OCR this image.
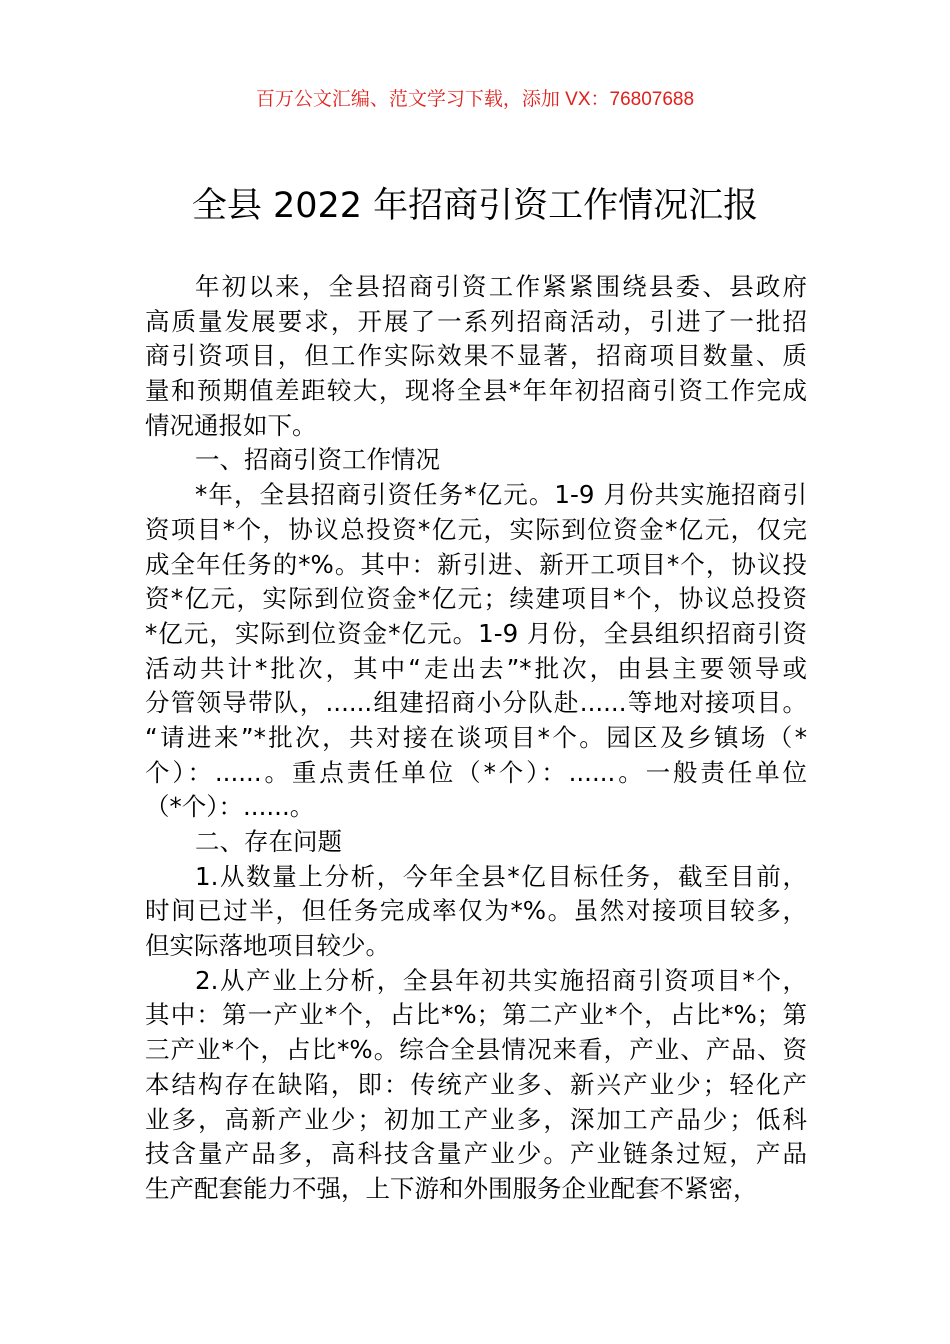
百万公文汇编、范文学习下载，添加 VX：76807688
全县 2022 年招商引资工作情况汇报
年初以来，全县招商引资工作紧紧围绕县委、县政府
高质量发展要求，开展了一系列招商活动，引进了一批招
商引资项目，但工作实际效果不显著，招商项目数量、质
量和预期值差距较大，现将全县*年年初招商引资工作完成
情况通报如下。
一、招商引资工作情况
*年，全县招商引资任务*亿元。1-9 月份共实施招商引
资项目*个，协议总投资*亿元，实际到位资金*亿元，仅完
成全年任务的*%。其中：新引进、新开工项目*个，协议投
资*亿元，实际到位资金*亿元；续建项目*个，协议总投资
*亿元，实际到位资金*亿元。1-9 月份，全县组织招商引资
活动共计*批次，其中“走出去”*批次，由县主要领导或
分管领导带队，......组建招商小分队赴......等地对接项目。
“请进来”*批次，共对接在谈项目*个。园区及乡镇场（*
个）：......。重点责任单位（*个）：......。一般责任单位
（*个）：......。
二、存在问题
1.从数量上分析，今年全县*亿目标任务，截至目前，
时间已过半，但任务完成率仅为*%。虽然对接项目较多，
但实际落地项目较少。
2.从产业上分析，全县年初共实施招商引资项目*个，
其中：第一产业*个，占比*%；第二产业*个，占比*%；第
三产业*个，占比*%。综合全县情况来看，产业、产品、资
本结构存在缺陷，即：传统产业多、新兴产业少；轻化产
业多，高新产业少；初加工产业多，深加工产品少；低科
技含量产品多，高科技含量产业少。产业链条过短，产品
生产配套能力不强，上下游和外围服务企业配套不紧密，
